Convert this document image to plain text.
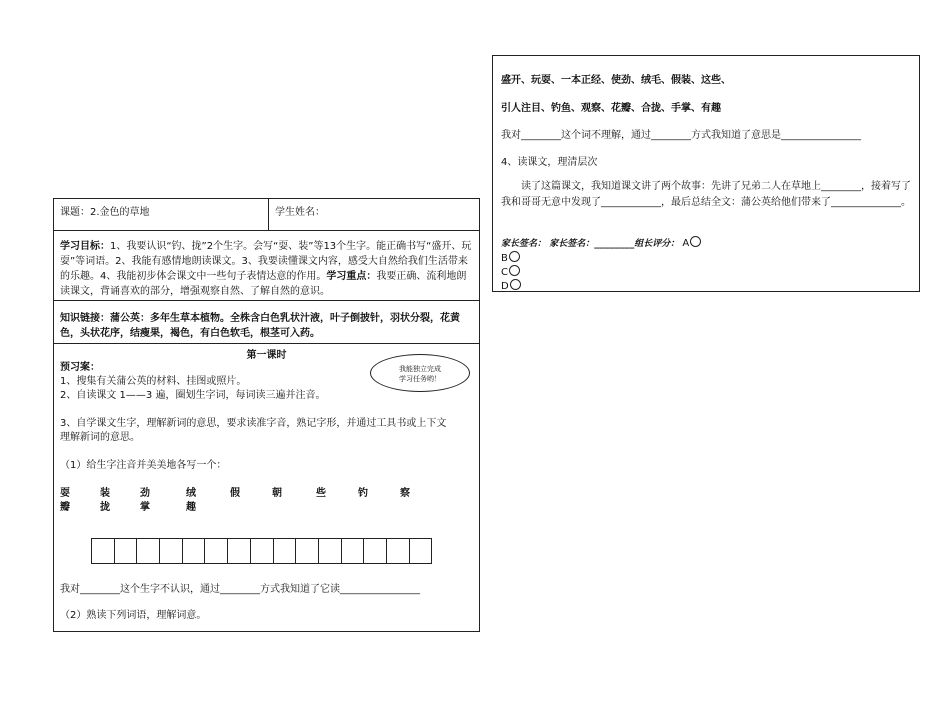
课题：2.金色的草地	学生姓名：
学习目标：1、我要认识“钓、拢”2个生字。会写“耍、装”等13个生字。能正确书写“盛开、玩耍”等词语。2、我能有感情地朗读课文。3、我要读懂课文内容，感受大自然给我们生活带来的乐趣。4、我能初步体会课文中一些句子表情达意的作用。学习重点：我要正确、流利地朗读课文，背诵喜欢的部分，增强观察自然、了解自然的意识。
知识链接：蒲公英：多年生草本植物。全株含白色乳状汁液，叶子倒披针，羽状分裂，花黄色，头状花序，结瘦果，褐色，有白色软毛，根茎可入药。
第一课时
我能独立完成
学习任务哟！
预习案：
1、搜集有关蒲公英的材料、挂图或照片。
2、自读课文 1——3 遍，圈划生字词，每词读三遍并注音。
3、自学课文生字，理解新词的意思，要求读准字音，熟记字形，并通过工具书或上下文
理解新词的意思。
（1）给生字注音并美美地各写一个：
耍	装	劲	绒	假	朝	些	钓	察
瓣	拢	掌	趣
我对________这个生字不认识，通过________方式我知道了它读________________
（2）熟读下列词语，理解词意。
盛开、玩耍、一本正经、使劲、绒毛、假装、这些、
引人注目、钓鱼、观察、花瓣、合拢、手掌、有趣
我对________这个词不理解，通过________方式我知道了意思是________________
4、读课文，理清层次
读了这篇课文，我知道课文讲了两个故事：先讲了兄弟二人在草地上________，接着写了我和哥哥无意中发现了____________，最后总结全文：蒲公英给他们带来了______________。
家长签名： 家长签名：________组长评分： A
B
C
D
